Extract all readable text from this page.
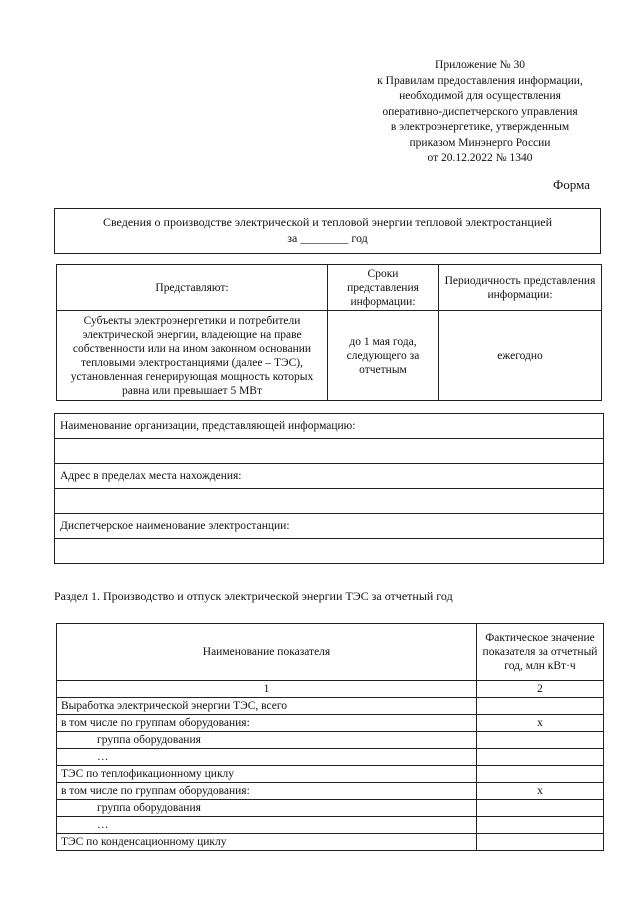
Приложение № 30
к Правилам предоставления информации,
необходимой для осуществления
оперативно-диспетчерского управления
в электроэнергетике, утвержденным
приказом Минэнерго России
от 20.12.2022 № 1340
Форма
Сведения о производстве электрической и тепловой энергии тепловой электростанцией
за ________ год
Представляют:	Сроки представления информации:	Периодичность представления информации:
Субъекты электроэнергетики и потребители электрической энергии, владеющие на праве собственности или на ином законном основании тепловыми электростанциями (далее – ТЭС), установленная генерирующая мощность которых равна или превышает 5 МВт	до 1 мая года, следующего за отчетным	ежегодно
Наименование организации, представляющей информацию:

Адрес в пределах места нахождения:

Диспетчерское наименование электростанции:

Раздел 1. Производство и отпуск электрической энергии ТЭС за отчетный год
Наименование показателя	Фактическое значение показателя за отчетный год, млн кВт·ч
1	2
Выработка электрической энергии ТЭС, всего	
в том числе по группам оборудования:	x
группа оборудования	
…	
ТЭС по теплофикационному циклу	
в том числе по группам оборудования:	x
группа оборудования	
…	
ТЭС по конденсационному циклу	
